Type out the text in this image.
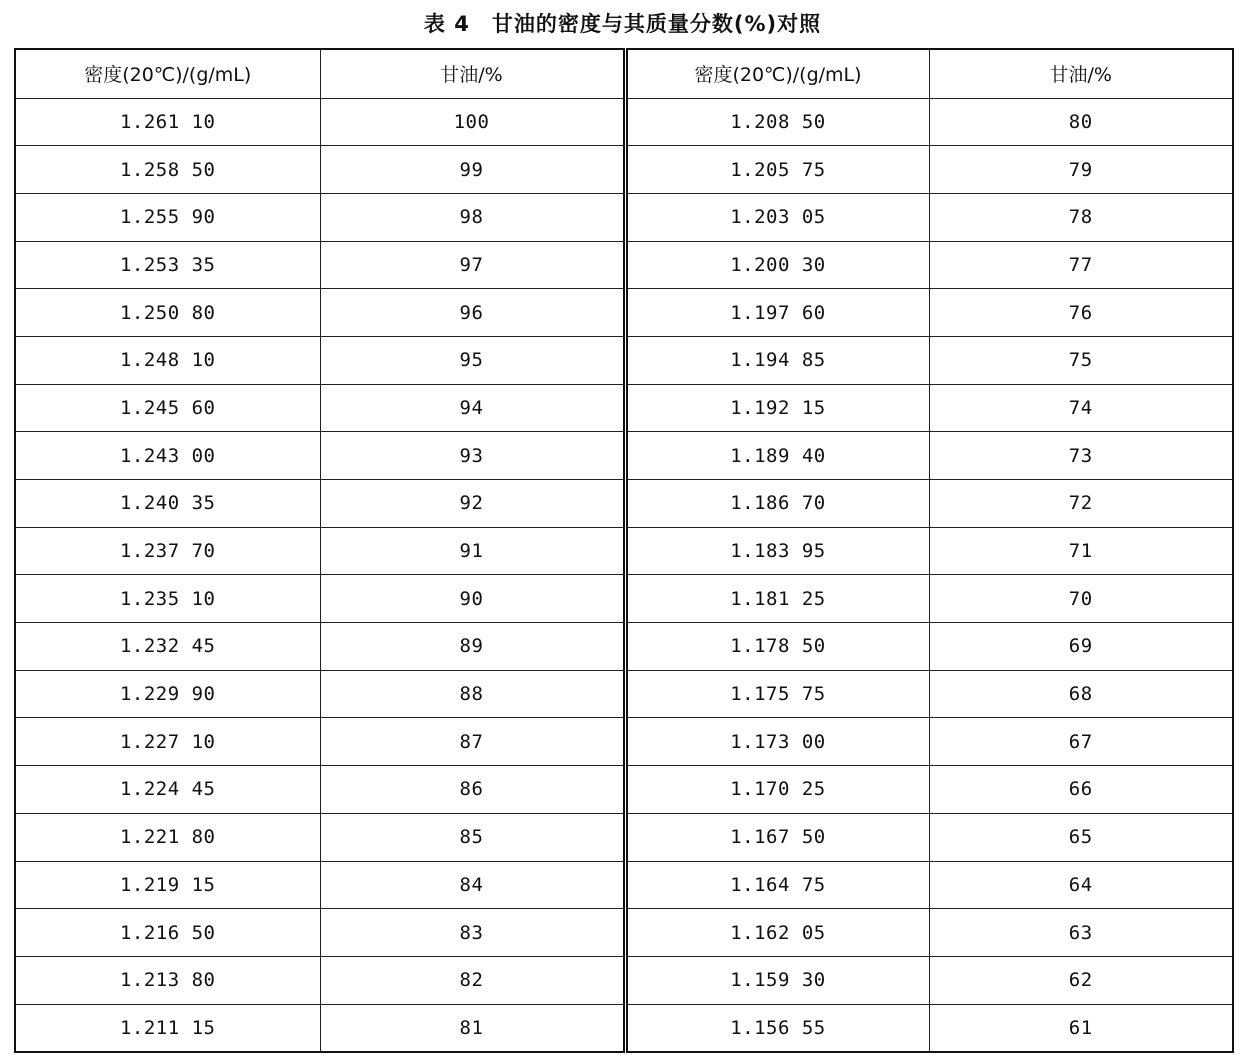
表 4 甘油的密度与其质量分数(%)对照
密度(20℃)/(g/mL)	甘油/%	密度(20℃)/(g/mL)	甘油/%
1.261 10	100	1.208 50	80
1.258 50	99	1.205 75	79
1.255 90	98	1.203 05	78
1.253 35	97	1.200 30	77
1.250 80	96	1.197 60	76
1.248 10	95	1.194 85	75
1.245 60	94	1.192 15	74
1.243 00	93	1.189 40	73
1.240 35	92	1.186 70	72
1.237 70	91	1.183 95	71
1.235 10	90	1.181 25	70
1.232 45	89	1.178 50	69
1.229 90	88	1.175 75	68
1.227 10	87	1.173 00	67
1.224 45	86	1.170 25	66
1.221 80	85	1.167 50	65
1.219 15	84	1.164 75	64
1.216 50	83	1.162 05	63
1.213 80	82	1.159 30	62
1.211 15	81	1.156 55	61
